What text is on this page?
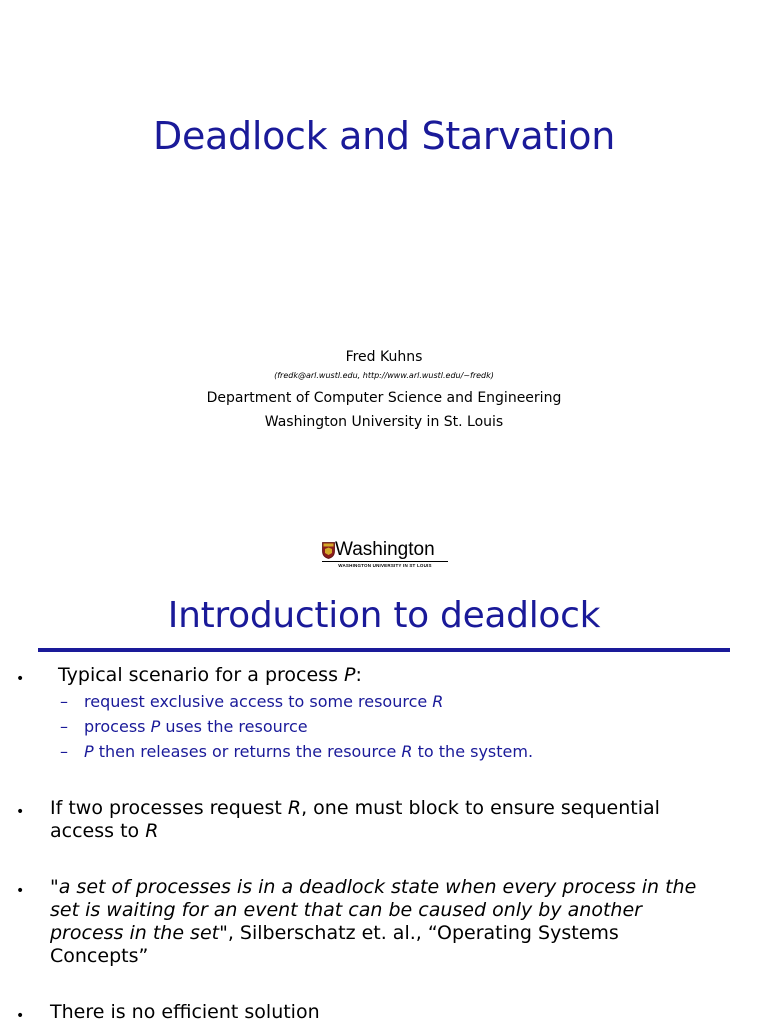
Deadlock and Starvation
Fred Kuhns
(fredk@arl.wustl.edu, http://www.arl.wustl.edu/~fredk)
Department of Computer Science and Engineering
Washington University in St. Louis
Washington
WASHINGTON UNIVERSITY IN ST LOUIS
Introduction to deadlock
• Typical scenario for a process P:
– request exclusive access to some resource R
– process P uses the resource
– P then releases or returns the resource R to the system.
• If two processes request R, one must block to ensure sequential
access to R
• "a set of processes is in a deadlock state when every process in the
set is waiting for an event that can be caused only by another
process in the set", Silberschatz et. al., “Operating Systems
Concepts”
• There is no efficient solution
